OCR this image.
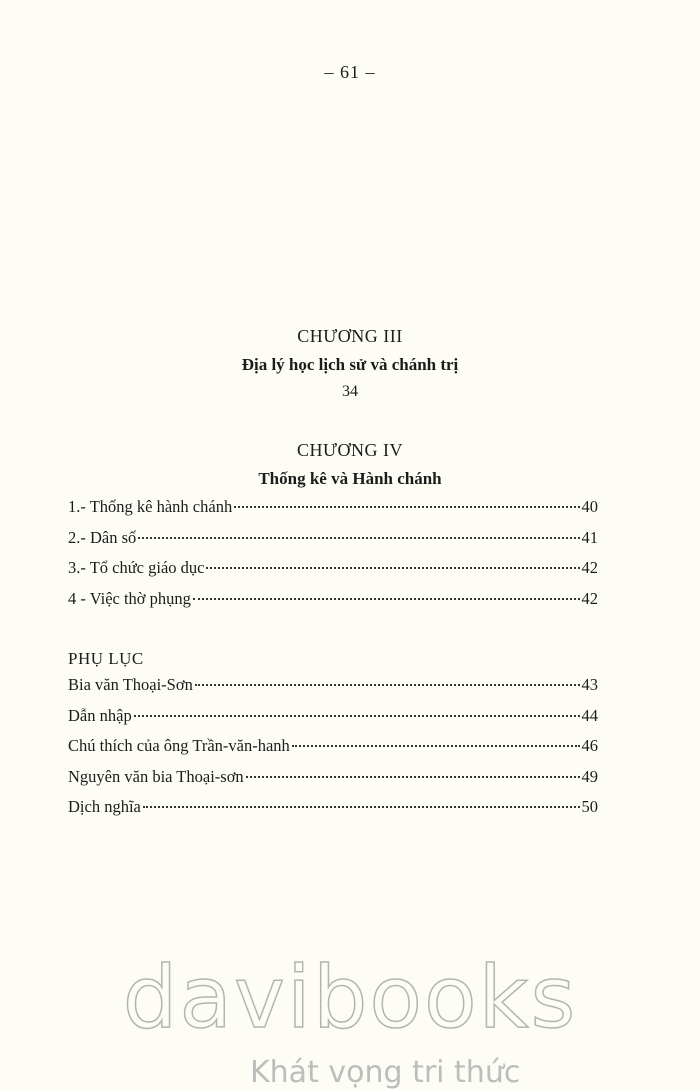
– 61 –
CHƯƠNG III
Địa lý học lịch sử và chánh trị
34
CHƯƠNG IV
Thống kê và Hành chánh
1.- Thống kê hành chánh	40
2.- Dân số	41
3.- Tổ chức giáo dục	42
4 - Việc thờ phụng	42
PHỤ LỤC
Bia văn Thoại-Sơn	43
Dẫn nhập	44
Chú thích của ông Trần-văn-hanh	46
Nguyên văn bia Thoại-sơn	49
Dịch nghĩa	50
davibooks
Khát vọng tri thức
